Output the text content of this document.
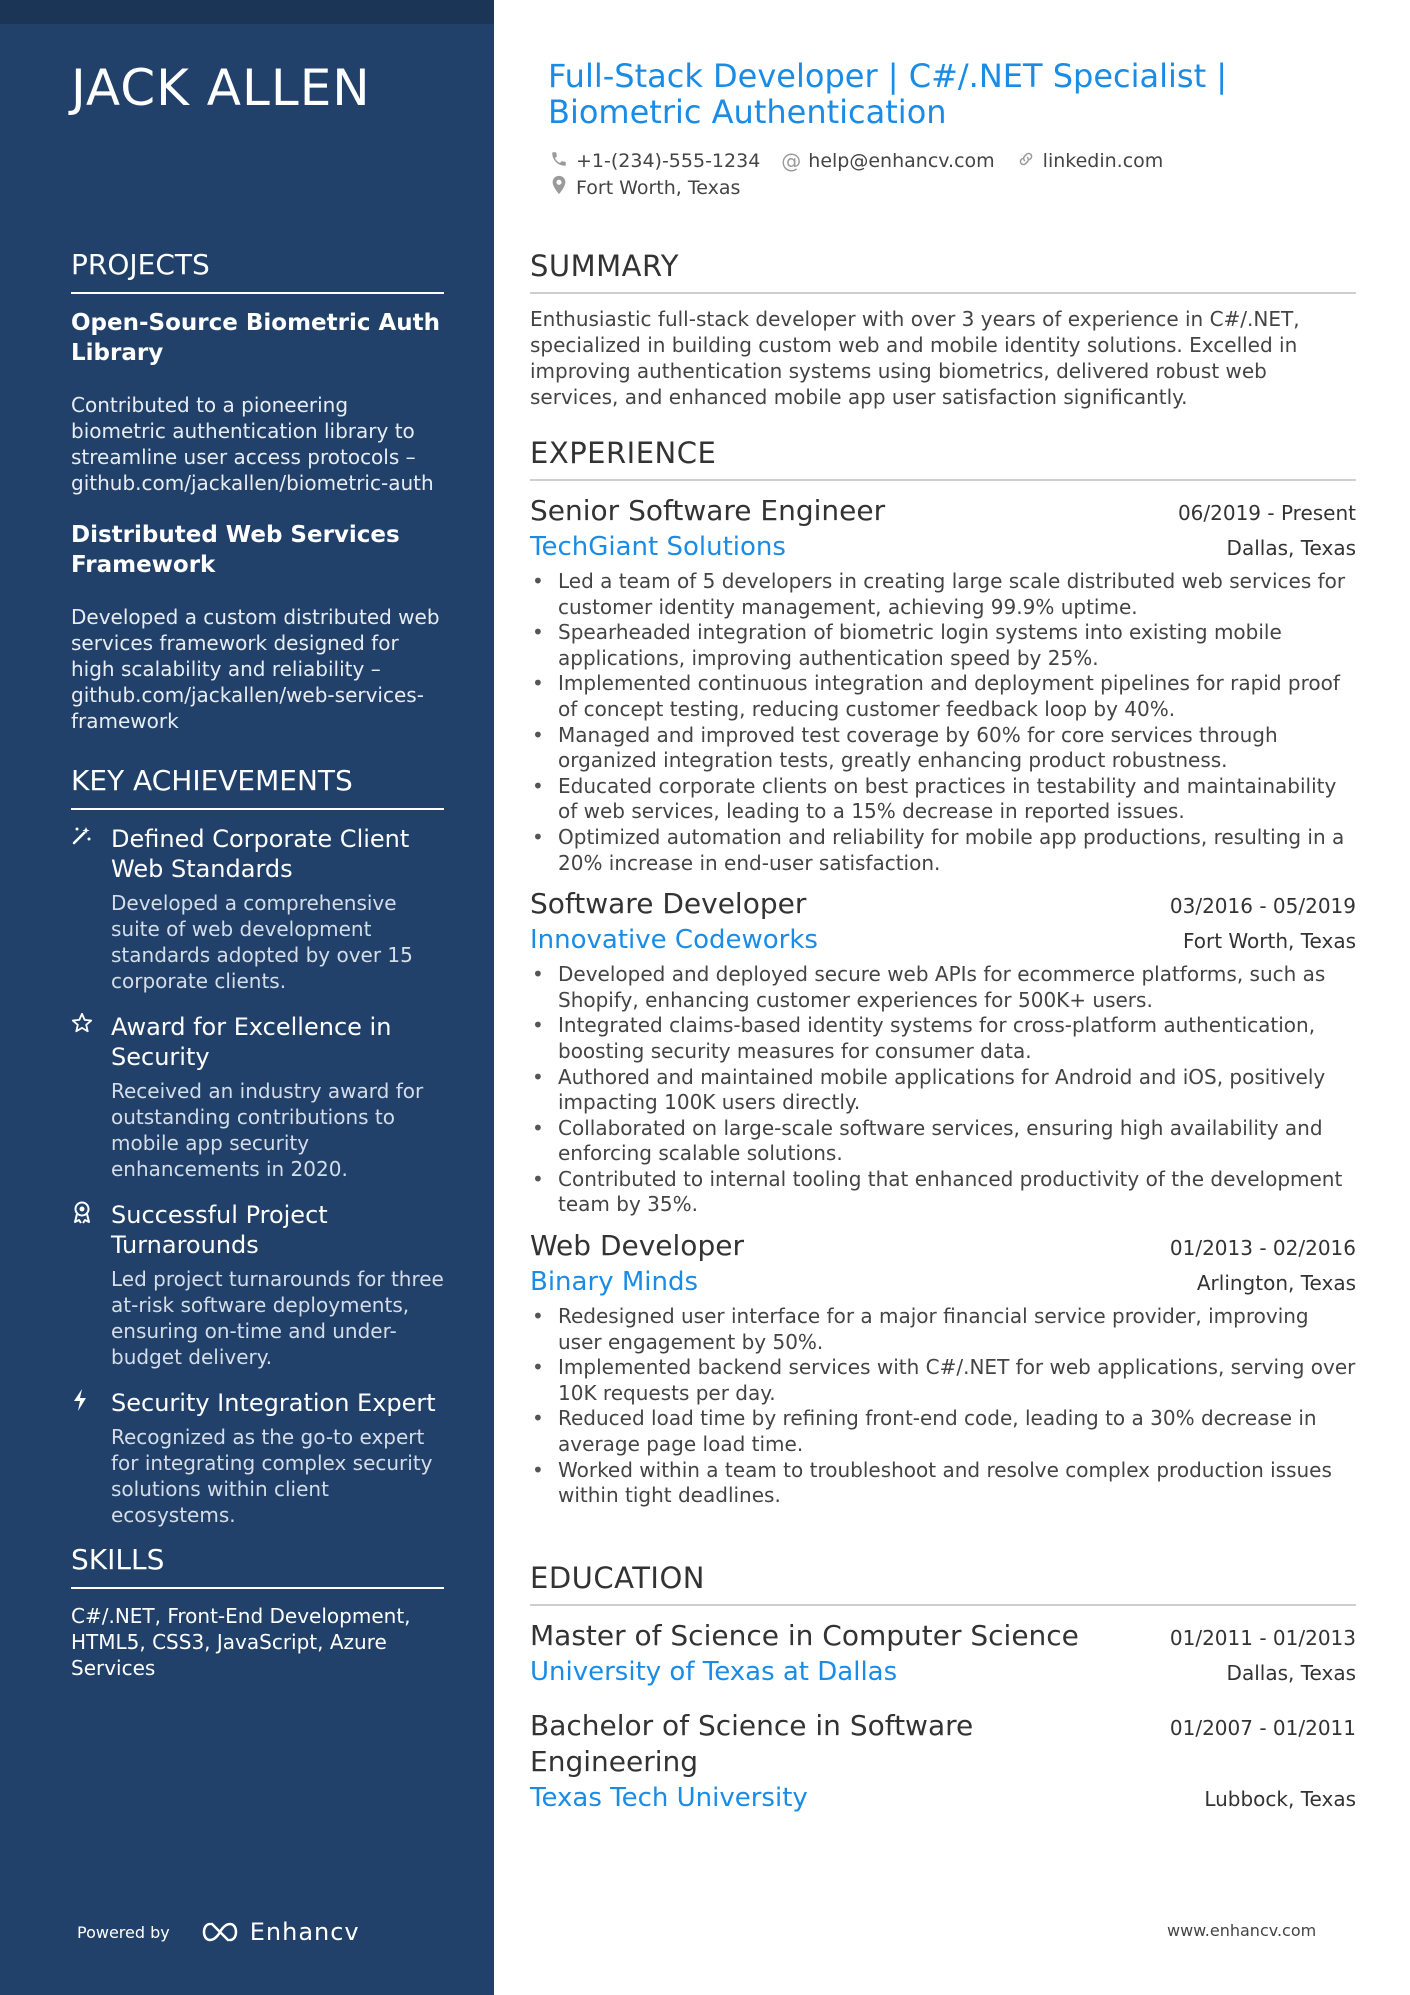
JACK ALLEN
PROJECTS
Open-Source Biometric Auth Library
Contributed to a pioneering biometric authentication library to streamline user access protocols – github.com/jackallen/biometric-auth
Distributed Web Services Framework
Developed a custom distributed web services framework designed for high scalability and reliability – github.com/jackallen/web-services-framework
KEY ACHIEVEMENTS
Defined Corporate Client Web Standards
Developed a comprehensive suite of web development standards adopted by over 15 corporate clients.
Award for Excellence in Security
Received an industry award for outstanding contributions to mobile app security enhancements in 2020.
Successful Project Turnarounds
Led project turnarounds for three at-risk software deployments, ensuring on-time and under-budget delivery.
Security Integration Expert
Recognized as the go-to expert for integrating complex security solutions within client ecosystems.
SKILLS
C#/.NET, Front-End Development, HTML5, CSS3, JavaScript, Azure Services
Powered by	Enhancv
Full-Stack Developer | C#/.NET Specialist | Biometric Authentication
+1-(234)-555-1234 @ help@enhancv.com	linkedin.com
Fort Worth, Texas
SUMMARY
Enthusiastic full-stack developer with over 3 years of experience in C#/.NET, specialized in building custom web and mobile identity solutions. Excelled in improving authentication systems using biometrics, delivered robust web services, and enhanced mobile app user satisfaction significantly.
EXPERIENCE
Senior Software Engineer	06/2019 - Present
TechGiant Solutions	Dallas, Texas
• Led a team of 5 developers in creating large scale distributed web services for customer identity management, achieving 99.9% uptime.
• Spearheaded integration of biometric login systems into existing mobile applications, improving authentication speed by 25%.
• Implemented continuous integration and deployment pipelines for rapid proof of concept testing, reducing customer feedback loop by 40%.
• Managed and improved test coverage by 60% for core services through organized integration tests, greatly enhancing product robustness.
• Educated corporate clients on best practices in testability and maintainability of web services, leading to a 15% decrease in reported issues.
• Optimized automation and reliability for mobile app productions, resulting in a 20% increase in end-user satisfaction.
Software Developer	03/2016 - 05/2019
Innovative Codeworks	Fort Worth, Texas
• Developed and deployed secure web APIs for ecommerce platforms, such as Shopify, enhancing customer experiences for 500K+ users.
• Integrated claims-based identity systems for cross-platform authentication, boosting security measures for consumer data.
• Authored and maintained mobile applications for Android and iOS, positively impacting 100K users directly.
• Collaborated on large-scale software services, ensuring high availability and enforcing scalable solutions.
• Contributed to internal tooling that enhanced productivity of the development team by 35%.
Web Developer	01/2013 - 02/2016
Binary Minds	Arlington, Texas
• Redesigned user interface for a major financial service provider, improving user engagement by 50%.
• Implemented backend services with C#/.NET for web applications, serving over 10K requests per day.
• Reduced load time by refining front-end code, leading to a 30% decrease in average page load time.
• Worked within a team to troubleshoot and resolve complex production issues within tight deadlines.
EDUCATION
Master of Science in Computer Science	01/2011 - 01/2013
University of Texas at Dallas	Dallas, Texas
Bachelor of Science in Software Engineering
01/2007 - 01/2011
Texas Tech University	Lubbock, Texas
www.enhancv.com
